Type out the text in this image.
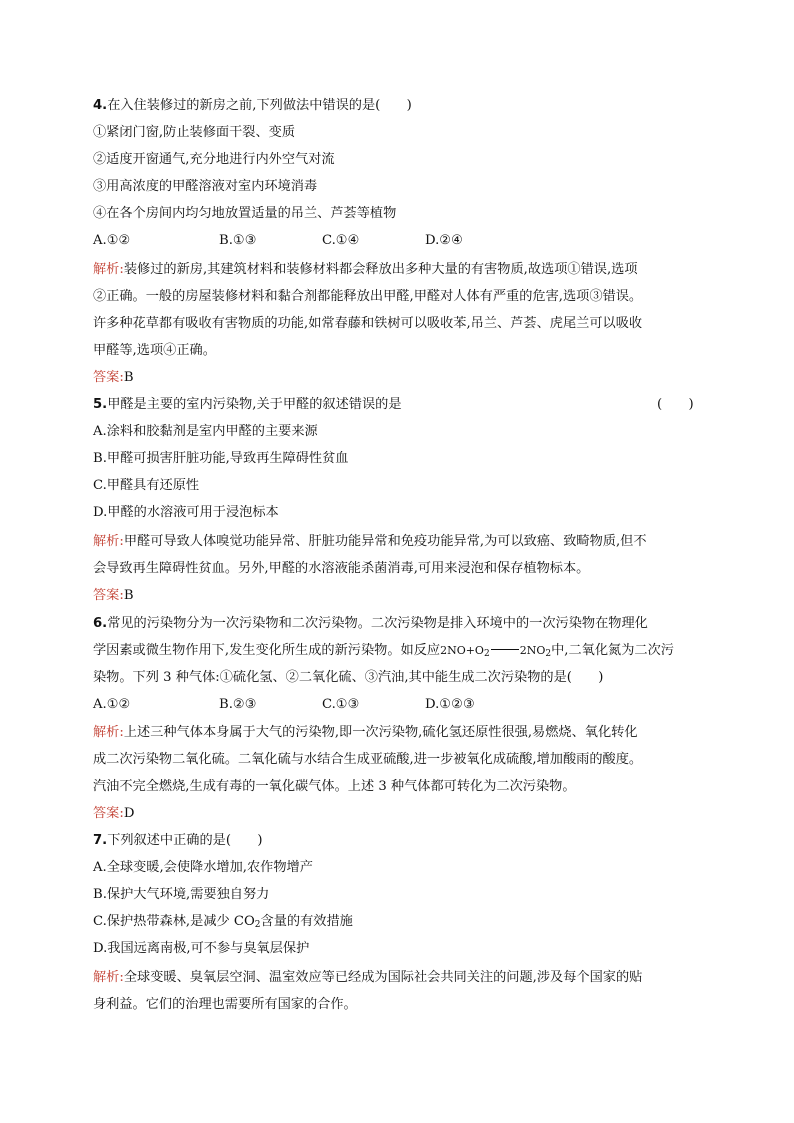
4.在入住装修过的新房之前,下列做法中错误的是(　　)
①紧闭门窗,防止装修面干裂、变质
②适度开窗通气,充分地进行内外空气对流
③用高浓度的甲醛溶液对室内环境消毒
④在各个房间内均匀地放置适量的吊兰、芦荟等植物
A.①②	B.①③	C.①④	D.②④
解析:装修过的新房,其建筑材料和装修材料都会释放出多种大量的有害物质,故选项①错误,选项
②正确。一般的房屋装修材料和黏合剂都能释放出甲醛,甲醛对人体有严重的危害,选项③错误。
许多种花草都有吸收有害物质的功能,如常春藤和铁树可以吸收苯,吊兰、芦荟、虎尾兰可以吸收
甲醛等,选项④正确。
答案:B
5.甲醛是主要的室内污染物,关于甲醛的叙述错误的是	(　　)
A.涂料和胶黏剂是室内甲醛的主要来源
B.甲醛可损害肝脏功能,导致再生障碍性贫血
C.甲醛具有还原性
D.甲醛的水溶液可用于浸泡标本
解析:甲醛可导致人体嗅觉功能异常、肝脏功能异常和免疫功能异常,为可以致癌、致畸物质,但不
会导致再生障碍性贫血。另外,甲醛的水溶液能杀菌消毒,可用来浸泡和保存植物标本。
答案:B
6.常见的污染物分为一次污染物和二次污染物。二次污染物是排入环境中的一次污染物在物理化
学因素或微生物作用下,发生变化所生成的新污染物。如反应$2NO+O_2$	$2NO_2$中,二氧化氮为二次污
染物。下列 3 种气体:①硫化氢、②二氧化硫、③汽油,其中能生成二次污染物的是(　　)
A.①②	B.②③	C.①③	D.①②③
解析:上述三种气体本身属于大气的污染物,即一次污染物,硫化氢还原性很强,易燃烧、氧化转化
成二次污染物二氧化硫。二氧化硫与水结合生成亚硫酸,进一步被氧化成硫酸,增加酸雨的酸度。
汽油不完全燃烧,生成有毒的一氧化碳气体。上述 3 种气体都可转化为二次污染物。
答案:D
7.下列叙述中正确的是(　　)
A.全球变暖,会使降水增加,农作物增产
B.保护大气环境,需要独自努力
C.保护热带森林,是减少 $CO_2$含量的有效措施
D.我国远离南极,可不参与臭氧层保护
解析:全球变暖、臭氧层空洞、温室效应等已经成为国际社会共同关注的问题,涉及每个国家的贴
身利益。它们的治理也需要所有国家的合作。
